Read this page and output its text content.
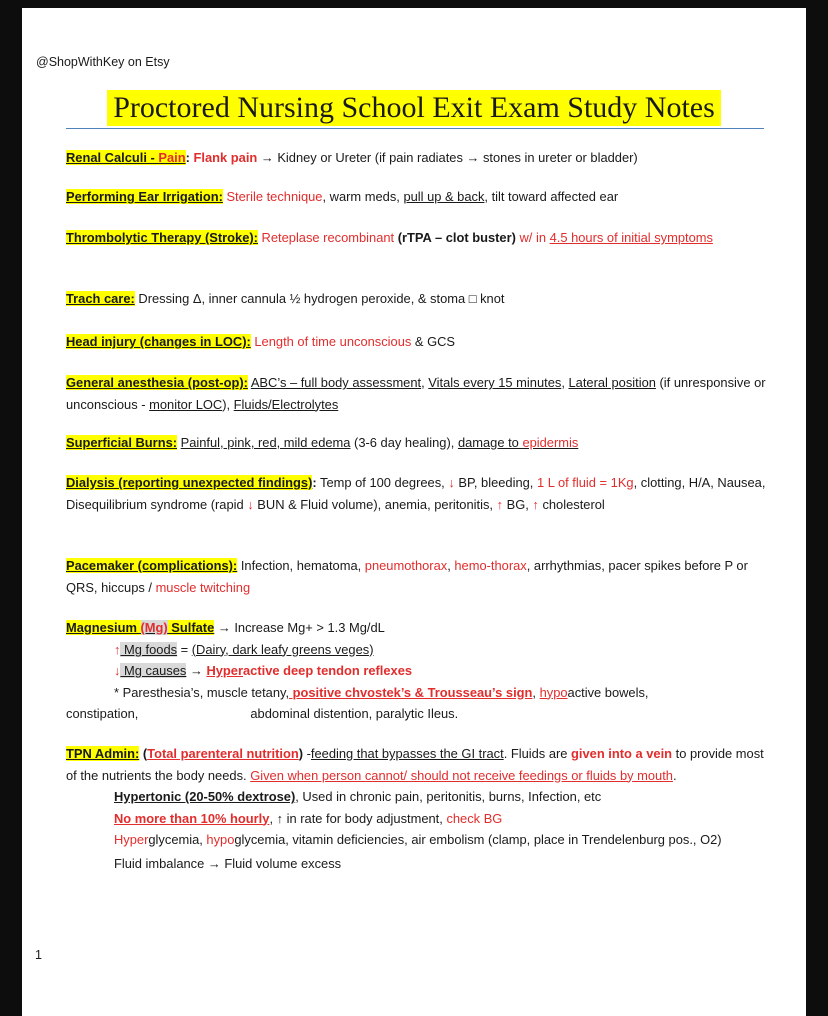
@ShopWithKey on Etsy
Proctored Nursing School Exit Exam Study Notes
Renal Calculi - Pain: Flank pain → Kidney or Ureter (if pain radiates → stones in ureter or bladder)
Performing Ear Irrigation: Sterile technique, warm meds, pull up & back, tilt toward affected ear
Thrombolytic Therapy (Stroke): Reteplase recombinant (rTPA – clot buster) w/ in 4.5 hours of initial symptoms
Trach care: Dressing Δ, inner cannula ½ hydrogen peroxide, & stoma □ knot
Head injury (changes in LOC): Length of time unconscious & GCS
General anesthesia (post-op): ABC’s – full body assessment, Vitals every 15 minutes, Lateral position (if unresponsive or unconscious - monitor LOC), Fluids/Electrolytes
Superficial Burns: Painful, pink, red, mild edema (3-6 day healing), damage to epidermis
Dialysis (reporting unexpected findings): Temp of 100 degrees, ↓ BP, bleeding, 1 L of fluid = 1Kg, clotting, H/A, Nausea, Disequilibrium syndrome (rapid ↓ BUN & Fluid volume), anemia, peritonitis, ↑ BG, ↑ cholesterol
Pacemaker (complications): Infection, hematoma, pneumothorax, hemo-thorax, arrhythmias, pacer spikes before P or QRS, hiccups / muscle twitching
Magnesium (Mg) Sulfate → Increase Mg+ > 1.3 Mg/dL
↑ Mg foods = (Dairy, dark leafy greens veges)
↓ Mg causes → Hyperactive deep tendon reflexes
* Paresthesia’s, muscle tetany, positive chvostek’s & Trousseau’s sign, hypoactive bowels,
constipation,	abdominal distention, paralytic Ileus.
TPN Admin: (Total parenteral nutrition) -feeding that bypasses the GI tract. Fluids are given into a vein to provide most of the nutrients the body needs. Given when person cannot/ should not receive feedings or fluids by mouth.
Hypertonic (20-50% dextrose), Used in chronic pain, peritonitis, burns, Infection, etc
No more than 10% hourly, ↑ in rate for body adjustment, check BG
Hyperglycemia, hypoglycemia, vitamin deficiencies, air embolism (clamp, place in Trendelenburg pos., O2)
Fluid imbalance → Fluid volume excess
1
